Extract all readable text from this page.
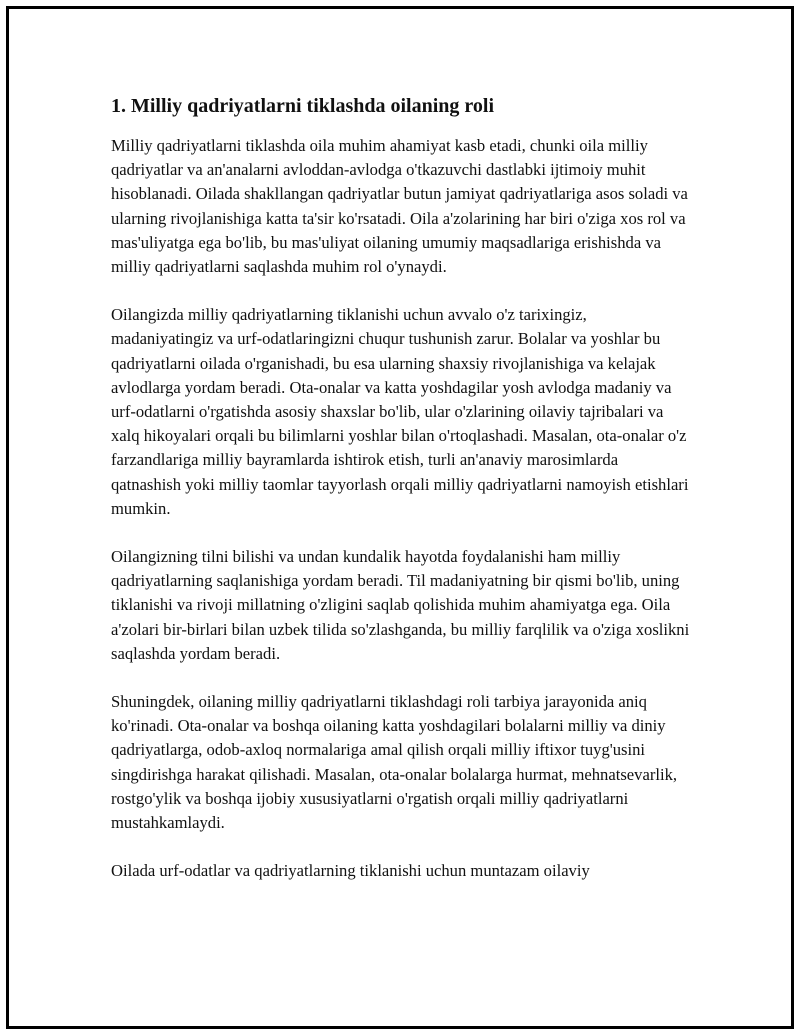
1. Milliy qadriyatlarni tiklashda oilaning roli

Milliy qadriyatlarni tiklashda oila muhim ahamiyat kasb etadi, chunki oila milliy qadriyatlar va an'analarni avloddan-avlodga o'tkazuvchi dastlabki ijtimoiy muhit hisoblanadi. Oilada shakllangan qadriyatlar butun jamiyat qadriyatlariga asos soladi va ularning rivojlanishiga katta ta'sir ko'rsatadi. Oila a'zolarining har biri o'ziga xos rol va mas'uliyatga ega bo'lib, bu mas'uliyat oilaning umumiy maqsadlariga erishishda va milliy qadriyatlarni saqlashda muhim rol o'ynaydi.

Oilangizda milliy qadriyatlarning tiklanishi uchun avvalo o'z tarixingiz, madaniyatingiz va urf-odatlaringizni chuqur tushunish zarur. Bolalar va yoshlar bu qadriyatlarni oilada o'rganishadi, bu esa ularning shaxsiy rivojlanishiga va kelajak avlodlarga yordam beradi. Ota-onalar va katta yoshdagilar yosh avlodga madaniy va urf-odatlarni o'rgatishda asosiy shaxslar bo'lib, ular o'zlarining oilaviy tajribalari va xalq hikoyalari orqali bu bilimlarni yoshlar bilan o'rtoqlashadi. Masalan, ota-onalar o'z farzandlariga milliy bayramlarda ishtirok etish, turli an'anaviy marosimlarda qatnashish yoki milliy taomlar tayyorlash orqali milliy qadriyatlarni namoyish etishlari mumkin.

Oilangizning tilni bilishi va undan kundalik hayotda foydalanishi ham milliy qadriyatlarning saqlanishiga yordam beradi. Til madaniyatning bir qismi bo'lib, uning tiklanishi va rivoji millatning o'zligini saqlab qolishida muhim ahamiyatga ega. Oila a'zolari bir-birlari bilan uzbek tilida so'zlashganda, bu milliy farqlilik va o'ziga xoslikni saqlashda yordam beradi.

Shuningdek, oilaning milliy qadriyatlarni tiklashdagi roli tarbiya jarayonida aniq ko'rinadi. Ota-onalar va boshqa oilaning katta yoshdagilari bolalarni milliy va diniy qadriyatlarga, odob-axloq normalariga amal qilish orqali milliy iftixor tuyg'usini singdirishga harakat qilishadi. Masalan, ota-onalar bolalarga hurmat, mehnatsevarlik, rostgo'ylik va boshqa ijobiy xususiyatlarni o'rgatish orqali milliy qadriyatlarni mustahkamlaydi.

Oilada urf-odatlar va qadriyatlarning tiklanishi uchun muntazam oilaviy
